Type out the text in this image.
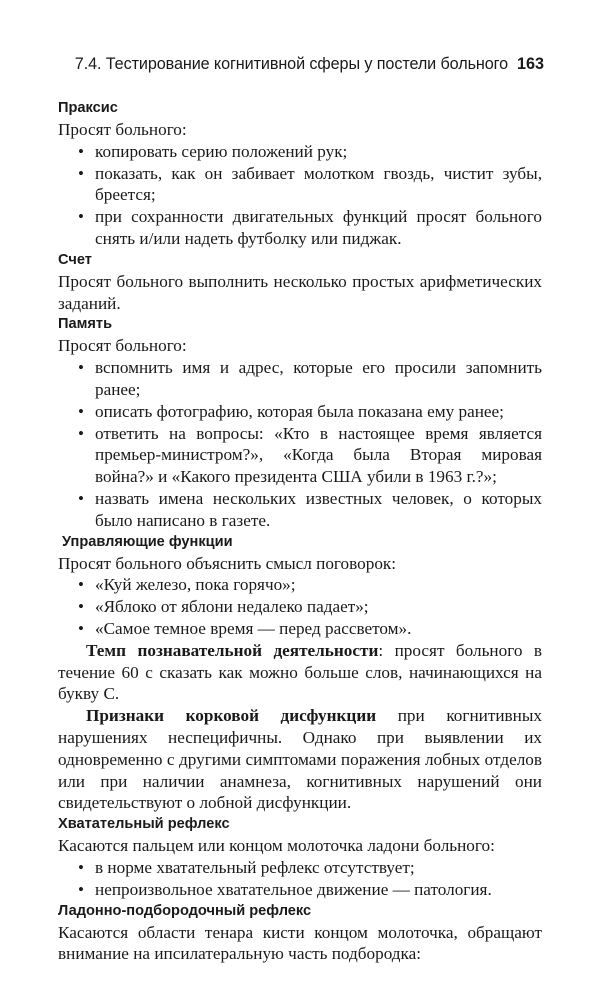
7.4. Тестирование когнитивной сферы у постели больного 163
Праксис
Просят больного:
• копировать серию положений рук;
• показать, как он забивает молотком гвоздь, чистит зубы, бреется;
• при сохранности двигательных функций просят больного снять и/или надеть футболку или пиджак.
Счет
Просят больного выполнить несколько простых арифметических заданий.
Память
Просят больного:
• вспомнить имя и адрес, которые его просили запомнить ранее;
• описать фотографию, которая была показана ему ранее;
• ответить на вопросы: «Кто в настоящее время является премьер-министром?», «Когда была Вторая мировая война?» и «Какого президента США убили в 1963 г.?»;
• назвать имена нескольких известных человек, о которых было написано в газете.
Управляющие функции
Просят больного объяснить смысл поговорок:
• «Куй железо, пока горячо»;
• «Яблоко от яблони недалеко падает»;
• «Самое темное время — перед рассветом».
Темп познавательной деятельности: просят больного в течение 60 с сказать как можно больше слов, начинающихся на букву С.
Признаки корковой дисфункции при когнитивных нарушениях неспецифичны. Однако при выявлении их одновременно с другими симптомами поражения лобных отделов или при наличии анамнеза, когнитивных нарушений они свидетельствуют о лобной дисфункции.
Хватательный рефлекс
Касаются пальцем или концом молоточка ладони больного:
• в норме хватательный рефлекс отсутствует;
• непроизвольное хватательное движение — патология.
Ладонно-подбородочный рефлекс
Касаются области тенара кисти концом молоточка, обращают внимание на ипсилатеральную часть подбородка:
